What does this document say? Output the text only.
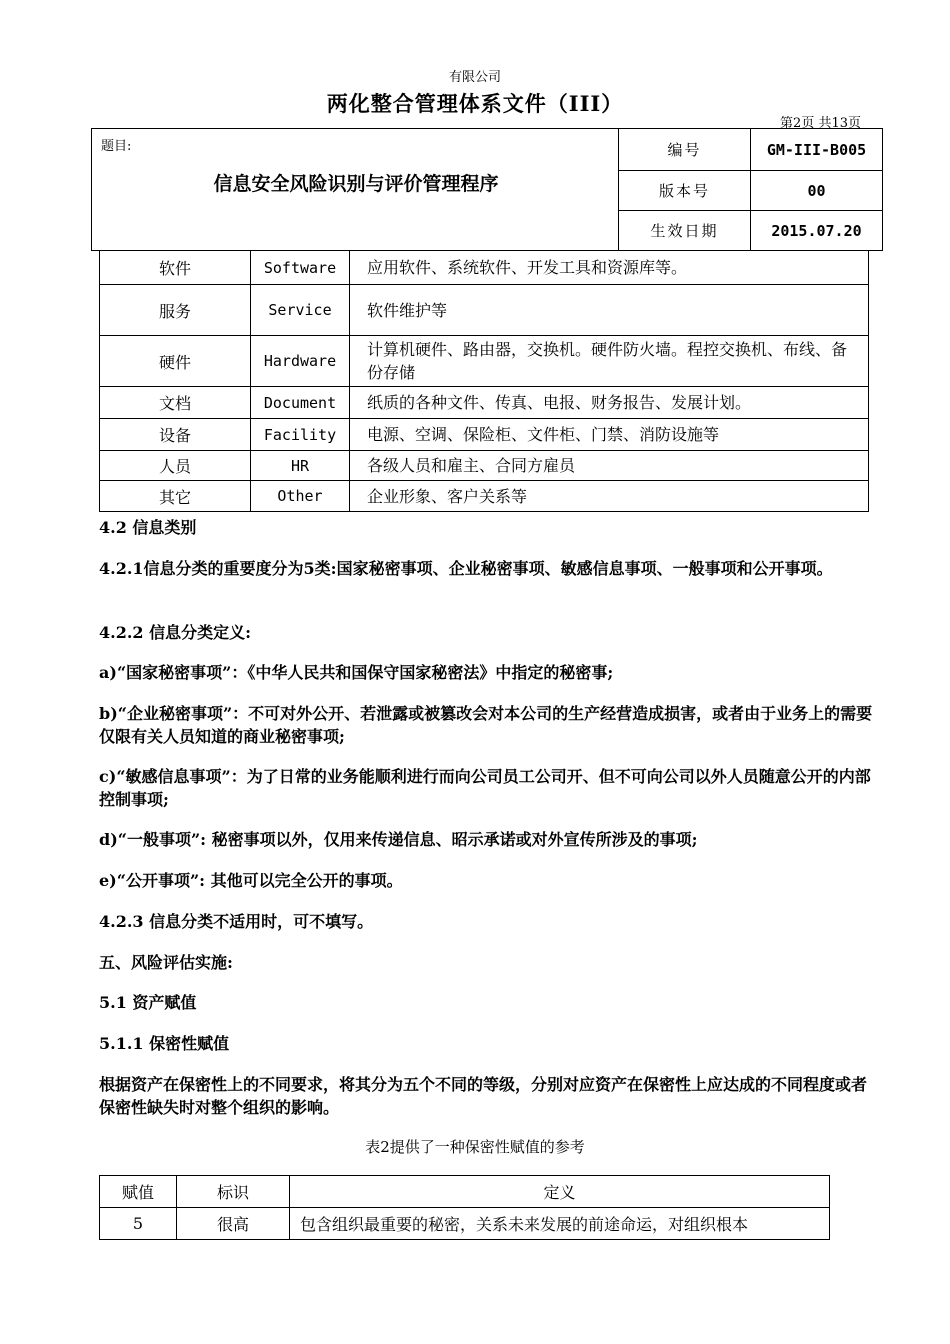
有限公司
两化整合管理体系文件（III）
第2页 共13页
题目:
信息安全风险识别与评价管理程序	编号	GM-III-B005
	版本号	00
	生效日期	2015.07.20
软件	Software	应用软件、系统软件、开发工具和资源库等。
服务	Service	软件维护等
硬件	Hardware	计算机硬件、路由器，交换机。硬件防火墙。程控交换机、布线、备份存储
文档	Document	纸质的各种文件、传真、电报、财务报告、发展计划。
设备	Facility	电源、空调、保险柜、文件柜、门禁、消防设施等
人员	HR	各级人员和雇主、合同方雇员
其它	Other	企业形象、客户关系等
4.2 信息类别
4.2.1信息分类的重要度分为5类:国家秘密事项、企业秘密事项、敏感信息事项、一般事项和公开事项。
4.2.2 信息分类定义:
a)“国家秘密事项”：《中华人民共和国保守国家秘密法》中指定的秘密事;
b)“企业秘密事项”：不可对外公开、若泄露或被篡改会对本公司的生产经营造成损害，或者由于业务上的需要仅限有关人员知道的商业秘密事项;
c)“敏感信息事项”：为了日常的业务能顺利进行而向公司员工公司开、但不可向公司以外人员随意公开的内部控制事项;
d)“一般事项”: 秘密事项以外，仅用来传递信息、昭示承诺或对外宣传所涉及的事项;
e)“公开事项”: 其他可以完全公开的事项。
4.2.3 信息分类不适用时，可不填写。
五、风险评估实施:
5.1 资产赋值
5.1.1 保密性赋值
根据资产在保密性上的不同要求，将其分为五个不同的等级，分别对应资产在保密性上应达成的不同程度或者保密性缺失时对整个组织的影响。
表2提供了一种保密性赋值的参考
赋值	标识	定义
5	很高	包含组织最重要的秘密，关系未来发展的前途命运，对组织根本
